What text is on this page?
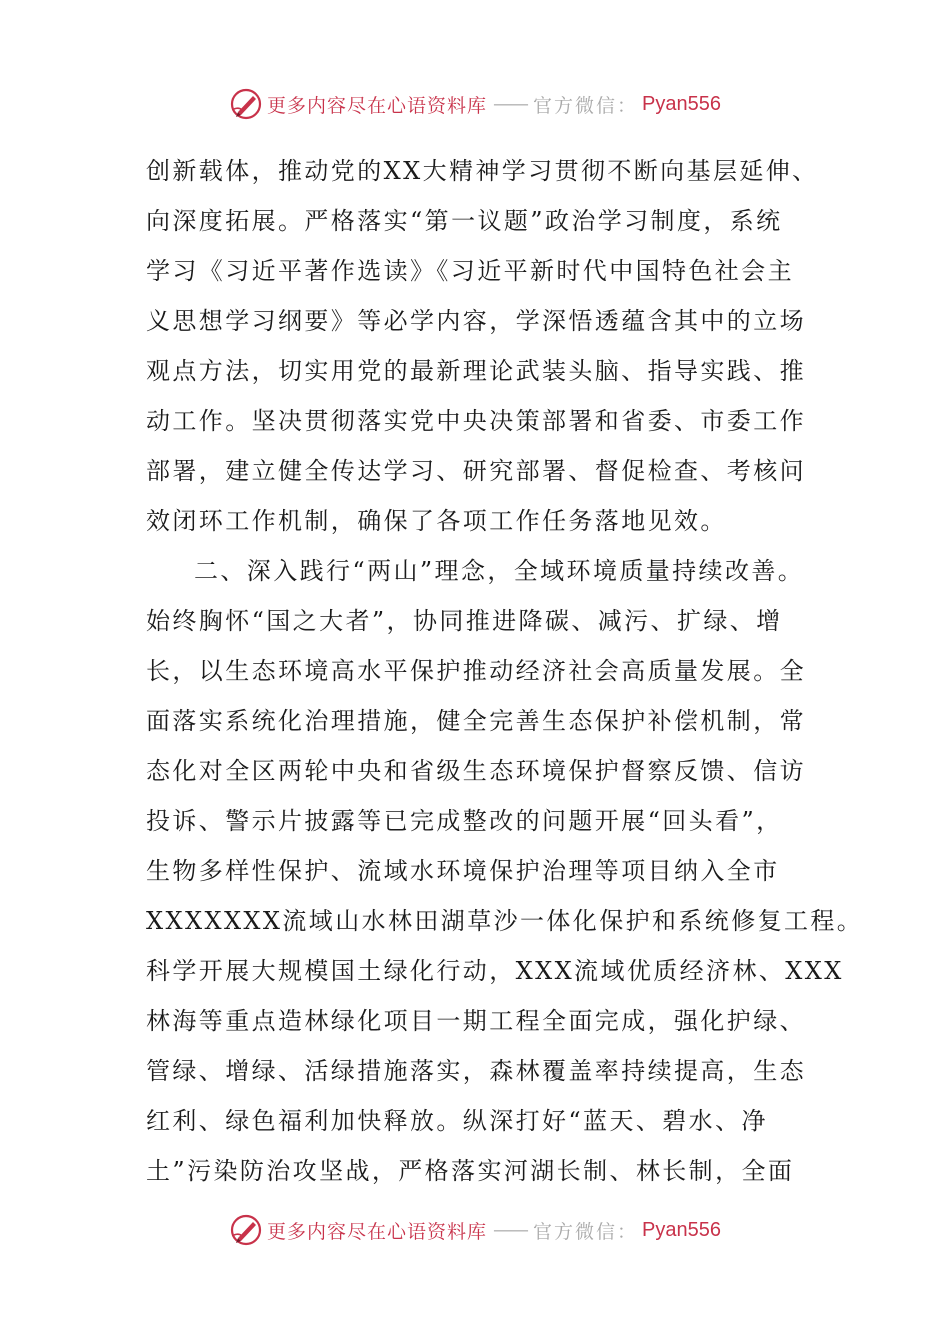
更多内容尽在心语资料库 —— 官方微信： Pyan556
创新载体，推动党的XX大精神学习贯彻不断向基层延伸、
向深度拓展。严格落实“第一议题”政治学习制度，系统
学习《习近平著作选读》《习近平新时代中国特色社会主
义思想学习纲要》等必学内容，学深悟透蕴含其中的立场
观点方法，切实用党的最新理论武装头脑、指导实践、推
动工作。坚决贯彻落实党中央决策部署和省委、市委工作
部署，建立健全传达学习、研究部署、督促检查、考核问
效闭环工作机制，确保了各项工作任务落地见效。
二、深入践行“两山”理念，全域环境质量持续改善。
始终胸怀“国之大者”，协同推进降碳、减污、扩绿、增
长，以生态环境高水平保护推动经济社会高质量发展。全
面落实系统化治理措施，健全完善生态保护补偿机制，常
态化对全区两轮中央和省级生态环境保护督察反馈、信访
投诉、警示片披露等已完成整改的问题开展“回头看”，
生物多样性保护、流域水环境保护治理等项目纳入全市
XXXXXXX流域山水林田湖草沙一体化保护和系统修复工程。
科学开展大规模国土绿化行动，XXX流域优质经济林、XXX
林海等重点造林绿化项目一期工程全面完成，强化护绿、
管绿、增绿、活绿措施落实，森林覆盖率持续提高，生态
红利、绿色福利加快释放。纵深打好“蓝天、碧水、净
土”污染防治攻坚战，严格落实河湖长制、林长制，全面
更多内容尽在心语资料库 —— 官方微信： Pyan556
